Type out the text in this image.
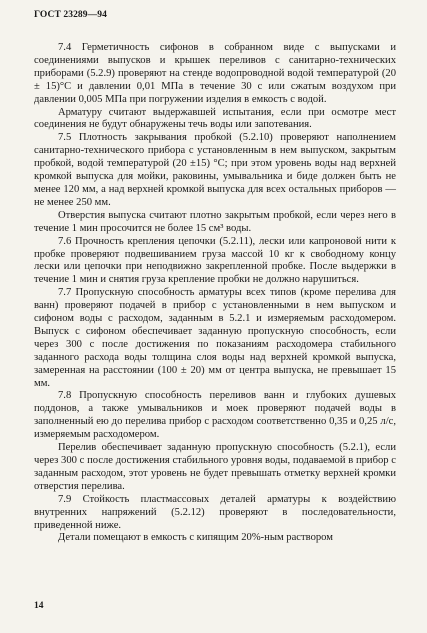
ГОСТ 23289—94

7.4 Герметичность сифонов в собранном виде с выпусками и соединениями выпусков и крышек переливов с санитарно-технических приборами (5.2.9) проверяют на стенде водопроводной водой температурой (20 ± 15)°С и давлении 0,01 МПа в течение 30 с или сжатым воздухом при давлении 0,005 МПа при погружении изделия в емкость с водой.

Арматуру считают выдержавшей испытания, если при осмотре мест соединения не будут обнаружены течь воды или запотевания.

7.5 Плотность закрывания пробкой (5.2.10) проверяют наполнением санитарно-технического прибора с установленным в нем выпуском, закрытым пробкой, водой температурой (20 ±15) °С; при этом уровень воды над верхней кромкой выпуска для мойки, раковины, умывальника и биде должен быть не менее 120 мм, а над верхней кромкой выпуска для всех остальных приборов — не менее 250 мм.

Отверстия выпуска считают плотно закрытым пробкой, если через него в течение 1 мин просочится не более 15 см³ воды.

7.6 Прочность крепления цепочки (5.2.11), лески или капроновой нити к пробке проверяют подвешиванием груза массой 10 кг к свободному концу лески или цепочки при неподвижно закрепленной пробке. После выдержки в течение 1 мин и снятия груза крепление пробки не должно нарушиться.

7.7 Пропускную способность арматуры всех типов (кроме перелива для ванн) проверяют подачей в прибор с установленными в нем выпуском и сифоном воды с расходом, заданным в 5.2.1 и измеряемым расходомером. Выпуск с сифоном обеспечивает заданную пропускную способность, если через 300 с после достижения по показаниям расходомера стабильного заданного расхода воды толщина слоя воды над верхней кромкой выпуска, замеренная на расстоянии (100 ± 20) мм от центра выпуска, не превышает 15 мм.

7.8 Пропускную способность переливов ванн и глубоких душевых поддонов, а также умывальников и моек проверяют подачей воды в заполненный ею до перелива прибор с расходом соответственно 0,35 и 0,25 л/с, измеряемым расходомером.

Перелив обеспечивает заданную пропускную способность (5.2.1), если через 300 с после достижения стабильного уровня воды, подаваемой в прибор с заданным расходом, этот уровень не будет превышать отметку верхней кромки отверстия перелива.

7.9 Стойкость пластмассовых деталей арматуры к воздействию внутренних напряжений (5.2.12) проверяют в последовательности, приведенной ниже.

Детали помещают в емкость с кипящим 20%-ным раствором

14
